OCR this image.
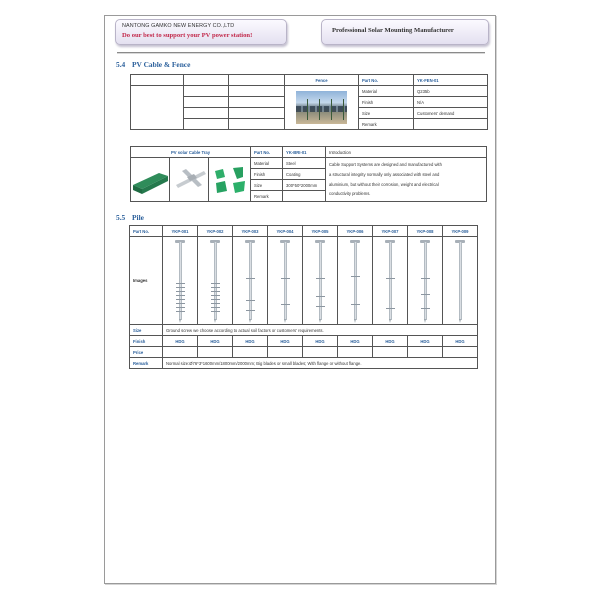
NANTONG GAMKO NEW ENERGY CO.,LTD
Do our best to support your PV power station!
Professional Solar Mounting Manufacturer
5.4 PV Cable & Fence
			Fence	Part No.	YK-FEN-01

	Material	Q235b
				Finish	N/A
				Size	Customers' demand
				Remark	
PV solar Cable Tray			Part No.	YK-BRI-01	Introduction
			Material	Steel	Cable Support Systems are designed and manufactured with
a structural integrity normally only associated with steel and
aluminium, but without their corrosion, weight and electrical
conductivity problems.

			Finish	Coating	
			Size	300*50*2000mm	
			Remark		
5.5 Pile
Part No.	YKP-001	YKP-002	YKP-003	YKP-004	YKP-005	YKP-006	YKP-007	YKP-008	YKP-009
Images	

Size	Ground screw we choose according to actual soil factors or customers' requirements.								
Finish	HDG	HDG	HDG	HDG	HDG	HDG	HDG	HDG	HDG
Price									
Remark	Normal size:Ø76*3*1600mm/1800mm/2000mm; Big blades or small blades; With flange or without flange.								
